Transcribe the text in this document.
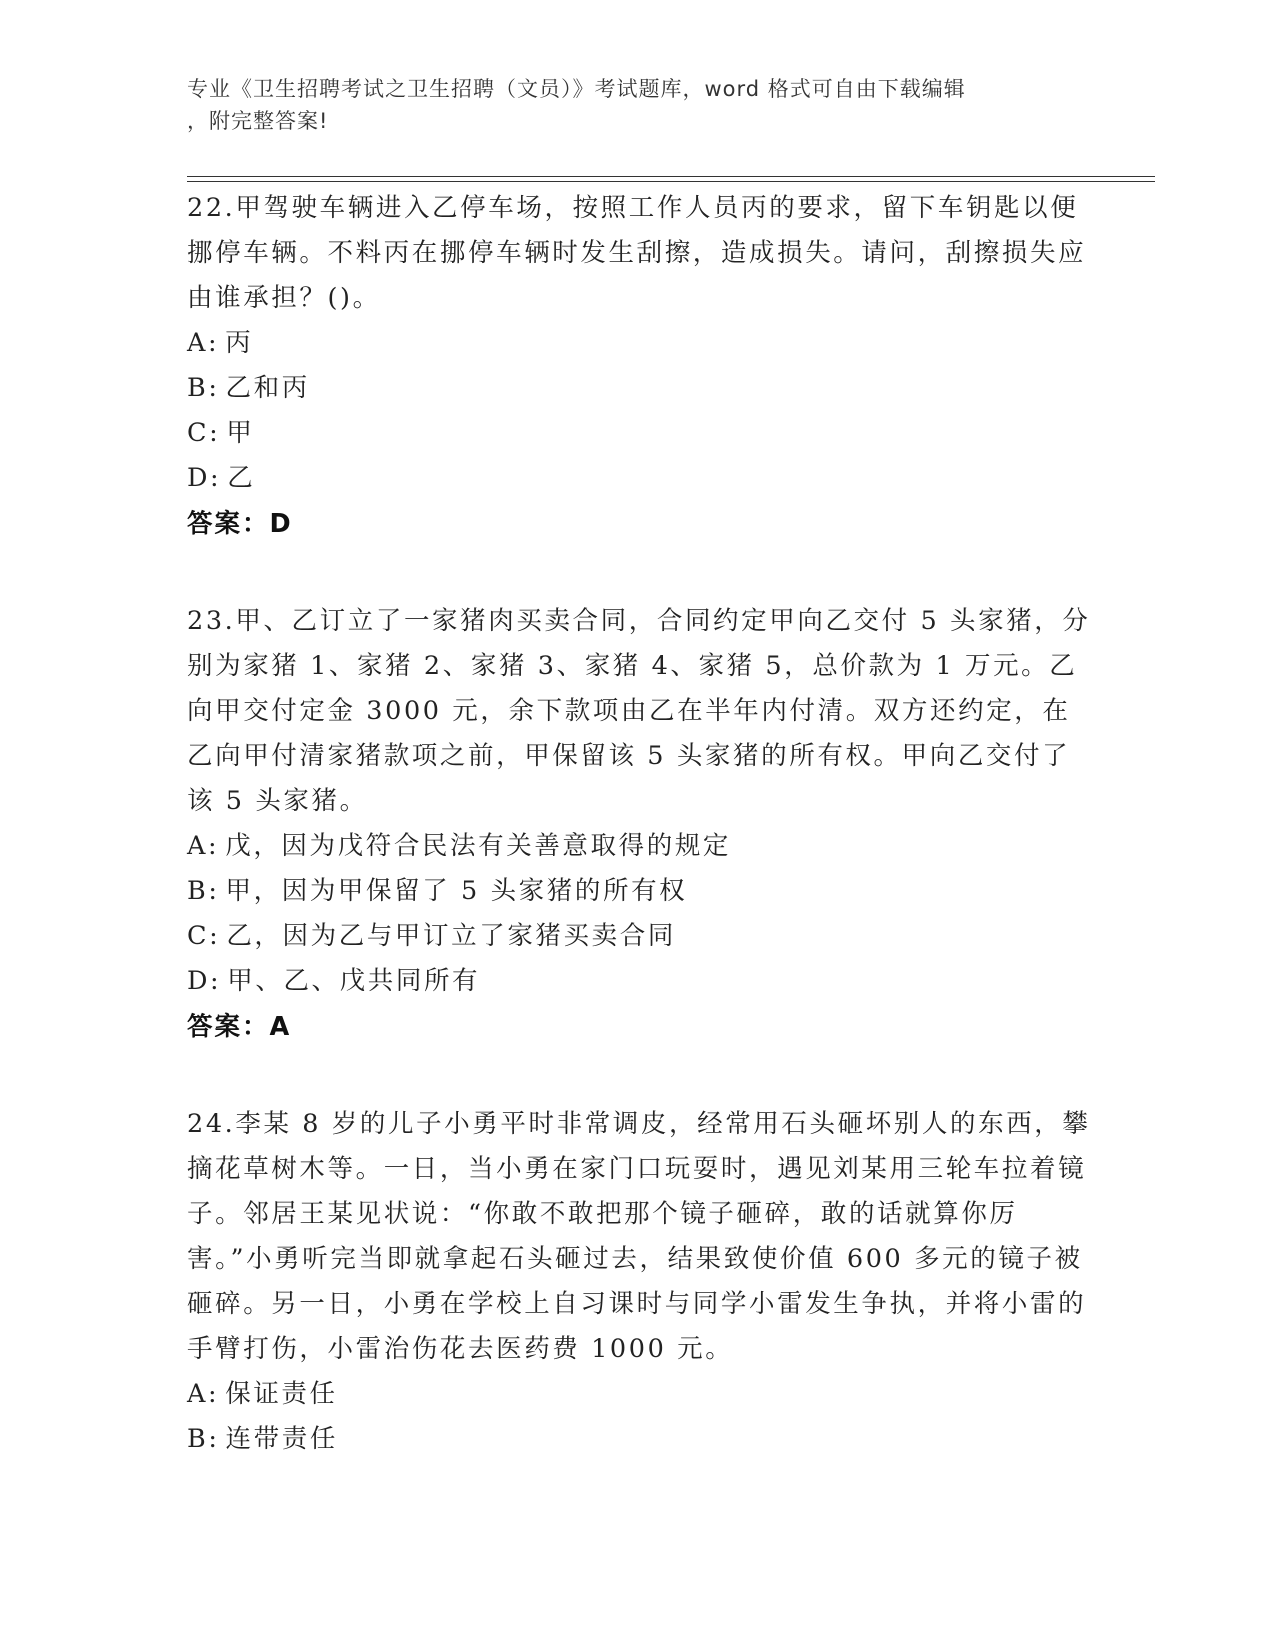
专业《卫生招聘考试之卫生招聘（文员）》考试题库，word 格式可自由下载编辑

，附完整答案!

22.甲驾驶车辆进入乙停车场，按照工作人员丙的要求，留下车钥匙以便挪停车辆。不料丙在挪停车辆时发生刮擦，造成损失。请问，刮擦损失应由谁承担？()。

A: 丙

B: 乙和丙

C: 甲

D: 乙

答案：D

23.甲、乙订立了一家猪肉买卖合同，合同约定甲向乙交付 5 头家猪，分别为家猪 1、家猪 2、家猪 3、家猪 4、家猪 5，总价款为 1 万元。乙向甲交付定金 3000 元，余下款项由乙在半年内付清。双方还约定，在乙向甲付清家猪款项之前，甲保留该 5 头家猪的所有权。甲向乙交付了该 5 头家猪。

A: 戊，因为戊符合民法有关善意取得的规定

B: 甲，因为甲保留了 5 头家猪的所有权

C: 乙，因为乙与甲订立了家猪买卖合同

D: 甲、乙、戊共同所有

答案：A

24.李某 8 岁的儿子小勇平时非常调皮，经常用石头砸坏别人的东西，攀摘花草树木等。一日，当小勇在家门口玩耍时，遇见刘某用三轮车拉着镜子。邻居王某见状说：“你敢不敢把那个镜子砸碎，敢的话就算你厉害。”小勇听完当即就拿起石头砸过去，结果致使价值 600 多元的镜子被砸碎。另一日，小勇在学校上自习课时与同学小雷发生争执，并将小雷的手臂打伤，小雷治伤花去医药费 1000 元。

A: 保证责任

B: 连带责任
